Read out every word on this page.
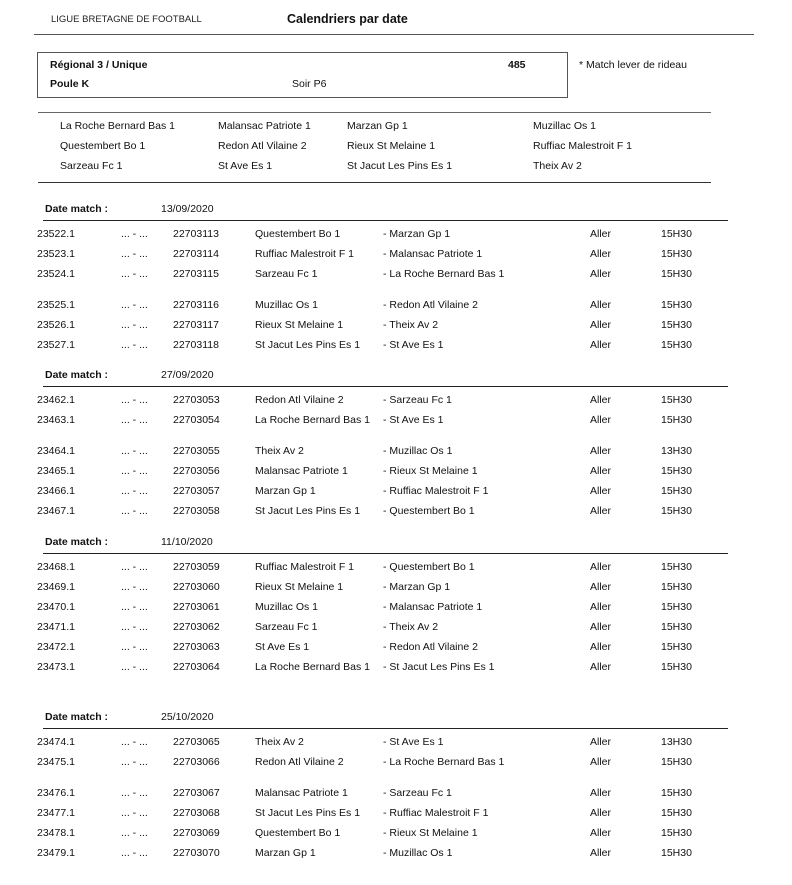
LIGUE BRETAGNE DE FOOTBALL	Calendriers par date
Régional 3 / Unique
Poule K	Soir P6
485	* Match lever de rideau
La Roche Bernard Bas 1	Malansac Patriote 1	Marzan Gp 1	Muzillac Os 1
Questembert Bo 1	Redon Atl Vilaine 2	Rieux St Melaine 1	Ruffiac Malestroit F 1
Sarzeau Fc 1	St Ave Es 1	St Jacut Les Pins Es 1	Theix Av 2
Date match :	13/09/2020
23522.1	... - ... 22703113	Questembert Bo 1	- Marzan Gp 1	Aller	15H30
23523.1	... - ... 22703114	Ruffiac Malestroit F 1	- Malansac Patriote 1	Aller	15H30
23524.1	... - ... 22703115	Sarzeau Fc 1	- La Roche Bernard Bas 1	Aller	15H30
23525.1	... - ... 22703116	Muzillac Os 1	- Redon Atl Vilaine 2	Aller	15H30
23526.1	... - ... 22703117	Rieux St Melaine 1	- Theix Av 2	Aller	15H30
23527.1	... - ... 22703118	St Jacut Les Pins Es 1	- St Ave Es 1	Aller	15H30
Date match :	27/09/2020
23462.1	... - ... 22703053	Redon Atl Vilaine 2	- Sarzeau Fc 1	Aller	15H30
23463.1	... - ... 22703054	La Roche Bernard Bas 1	- St Ave Es 1	Aller	15H30
23464.1	... - ... 22703055	Theix Av 2	- Muzillac Os 1	Aller	13H30
23465.1	... - ... 22703056	Malansac Patriote 1	- Rieux St Melaine 1	Aller	15H30
23466.1	... - ... 22703057	Marzan Gp 1	- Ruffiac Malestroit F 1	Aller	15H30
23467.1	... - ... 22703058	St Jacut Les Pins Es 1	- Questembert Bo 1	Aller	15H30
Date match :	11/10/2020
23468.1	... - ... 22703059	Ruffiac Malestroit F 1	- Questembert Bo 1	Aller	15H30
23469.1	... - ... 22703060	Rieux St Melaine 1	- Marzan Gp 1	Aller	15H30
23470.1	... - ... 22703061	Muzillac Os 1	- Malansac Patriote 1	Aller	15H30
23471.1	... - ... 22703062	Sarzeau Fc 1	- Theix Av 2	Aller	15H30
23472.1	... - ... 22703063	St Ave Es 1	- Redon Atl Vilaine 2	Aller	15H30
23473.1	... - ... 22703064	La Roche Bernard Bas 1	- St Jacut Les Pins Es 1	Aller	15H30
Date match :	25/10/2020
23474.1	... - ... 22703065	Theix Av 2	- St Ave Es 1	Aller	13H30
23475.1	... - ... 22703066	Redon Atl Vilaine 2	- La Roche Bernard Bas 1	Aller	15H30
23476.1	... - ... 22703067	Malansac Patriote 1	- Sarzeau Fc 1	Aller	15H30
23477.1	... - ... 22703068	St Jacut Les Pins Es 1	- Ruffiac Malestroit F 1	Aller	15H30
23478.1	... - ... 22703069	Questembert Bo 1	- Rieux St Melaine 1	Aller	15H30
23479.1	... - ... 22703070	Marzan Gp 1	- Muzillac Os 1	Aller	15H30
